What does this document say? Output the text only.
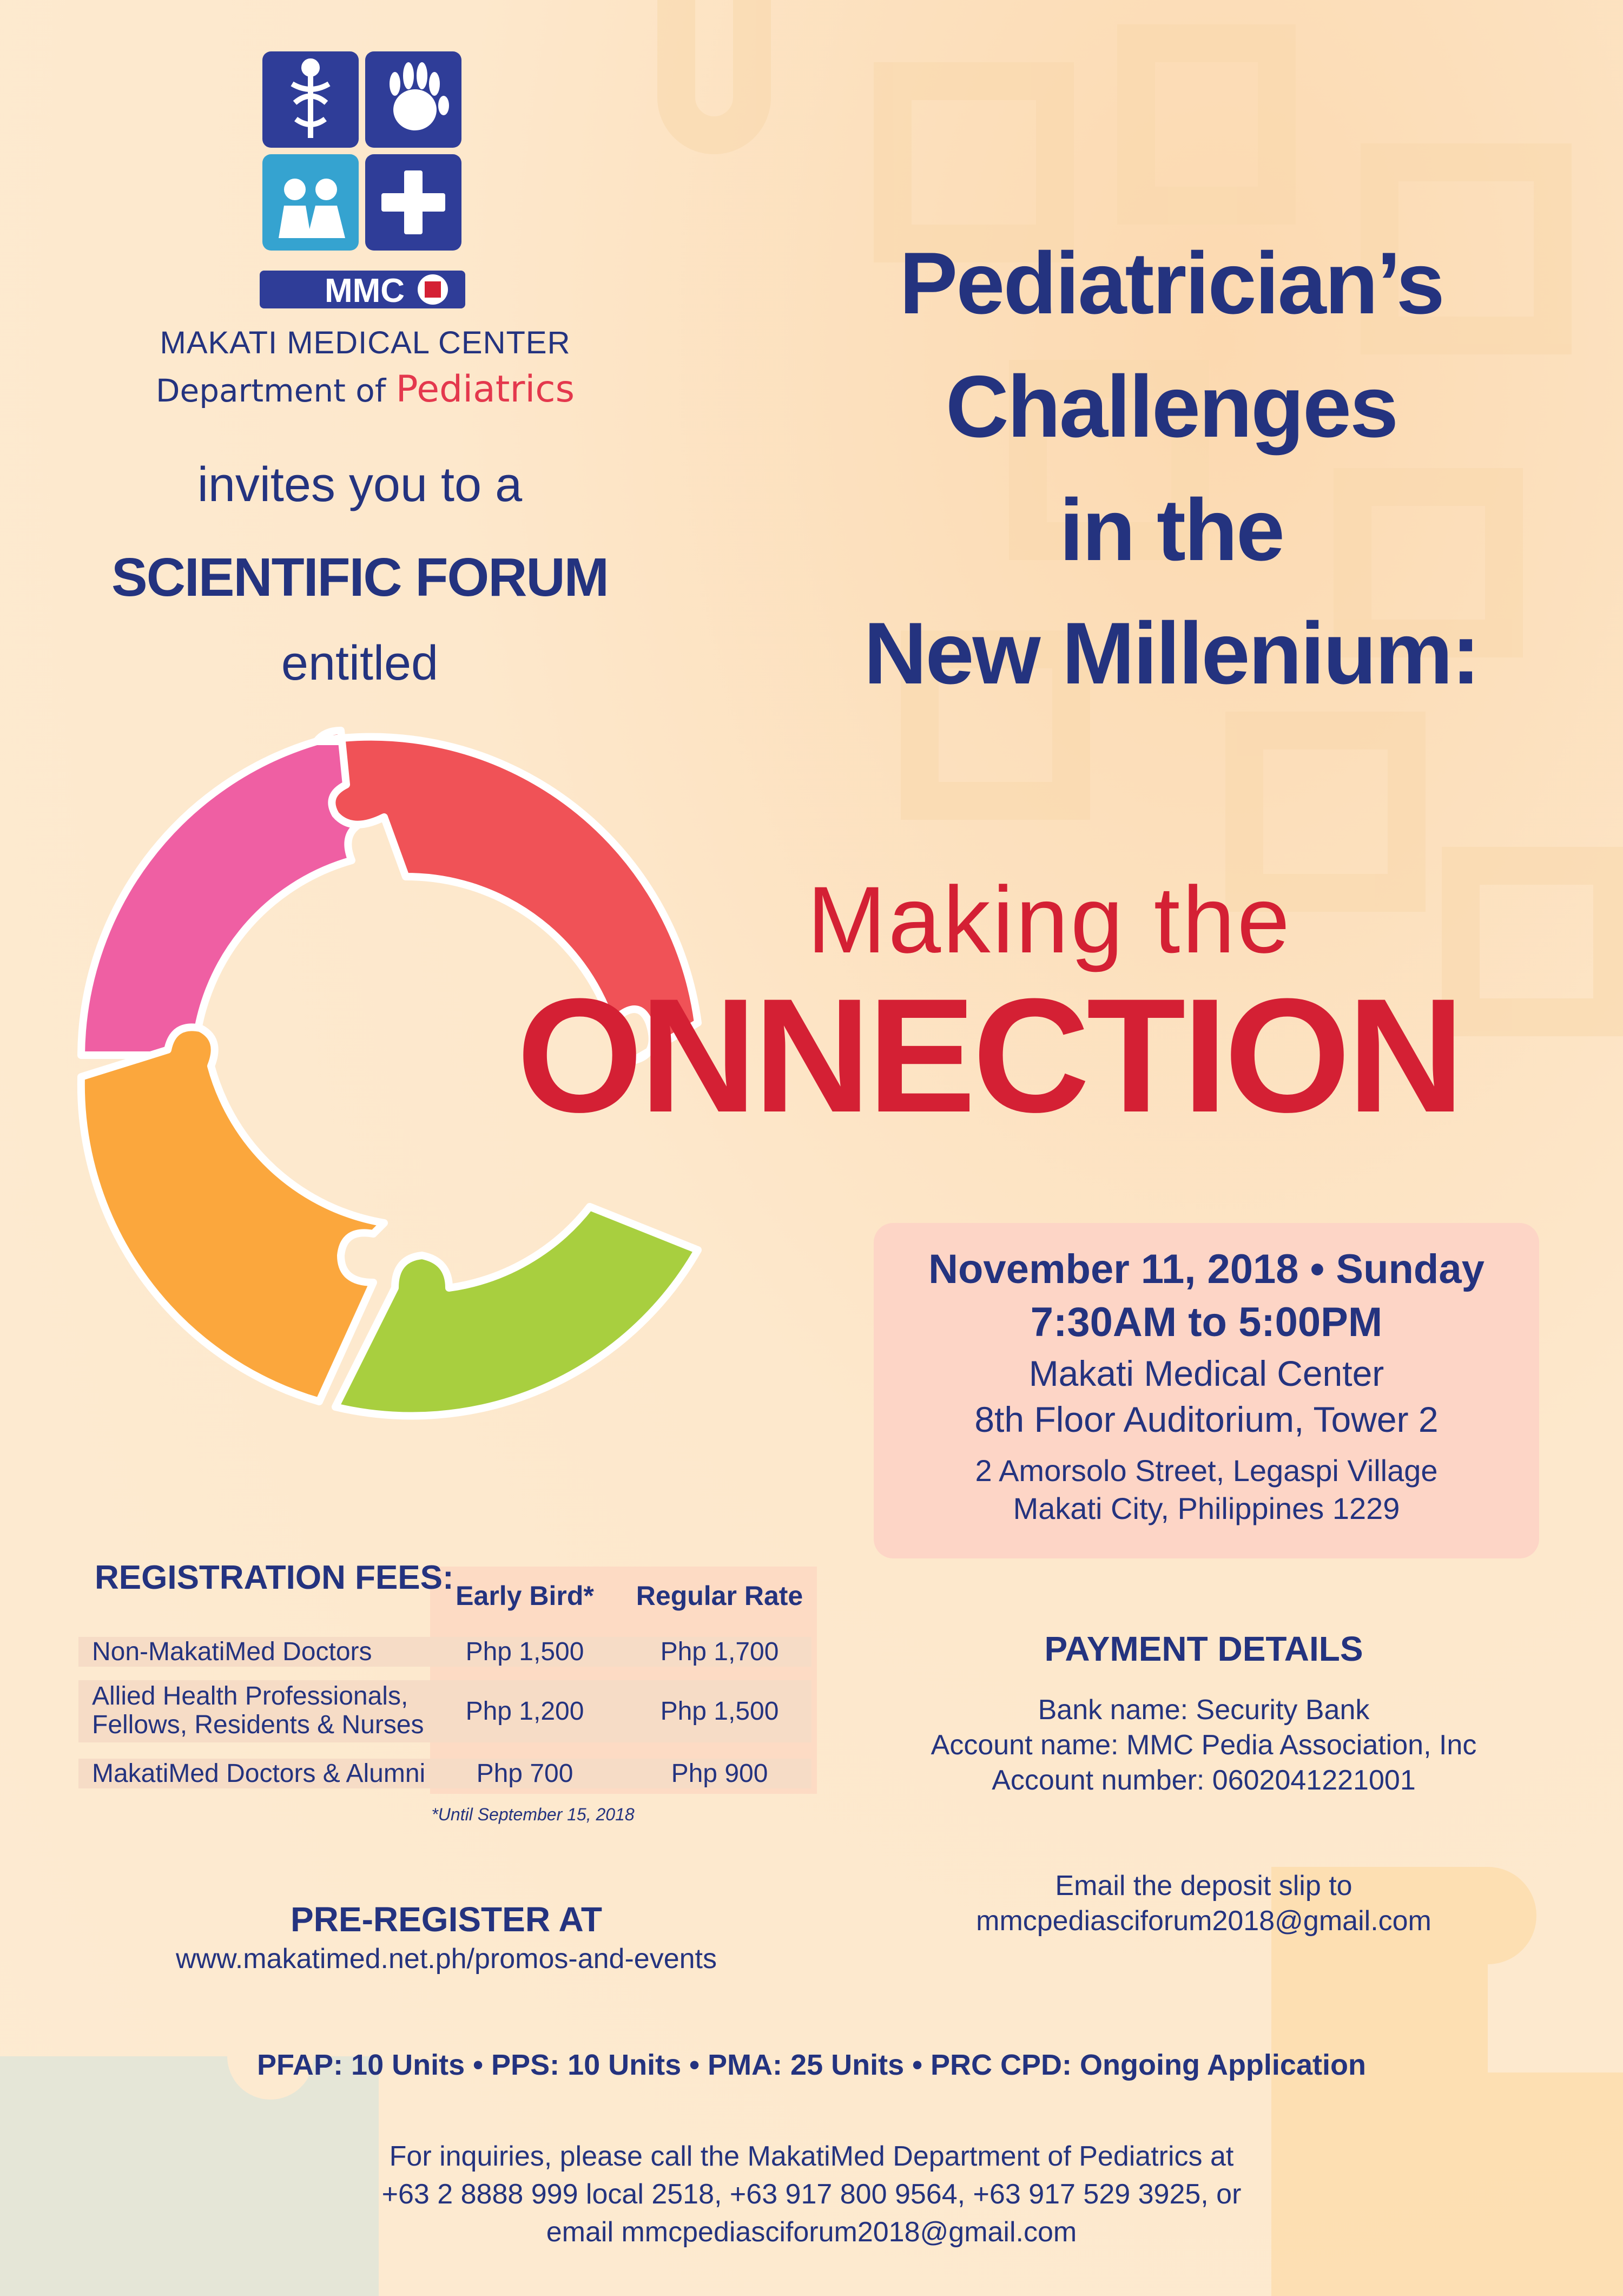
MMC
MAKATI MEDICAL CENTER
Department of Pediatrics
invites you to a
SCIENTIFIC FORUM
entitled
Pediatrician’s
Challenges
in the
New Millenium:
Making the
ONNECTION
November 11, 2018 • Sunday
7:30AM to 5:00PM
Makati Medical Center
8th Floor Auditorium, Tower 2
2 Amorsolo Street, Legaspi Village
Makati City, Philippines 1229
REGISTRATION FEES: Early Bird*	Regular Rate
Non-MakatiMed Doctors	Php 1,500	Php 1,700
Allied Health Professionals,
Fellows, Residents & Nurses	Php 1,200	Php 1,500
MakatiMed Doctors & Alumni	Php 700	Php 900
*Until September 15, 2018
PAYMENT DETAILS
Bank name: Security Bank
Account name: MMC Pedia Association, Inc
Account number: 0602041221001
Email the deposit slip to
mmcpediasciforum2018@gmail.com
PRE-REGISTER AT
www.makatimed.net.ph/promos-and-events
PFAP: 10 Units • PPS: 10 Units • PMA: 25 Units • PRC CPD: Ongoing Application
For inquiries, please call the MakatiMed Department of Pediatrics at
+63 2 8888 999 local 2518, +63 917 800 9564, +63 917 529 3925, or
email mmcpediasciforum2018@gmail.com
